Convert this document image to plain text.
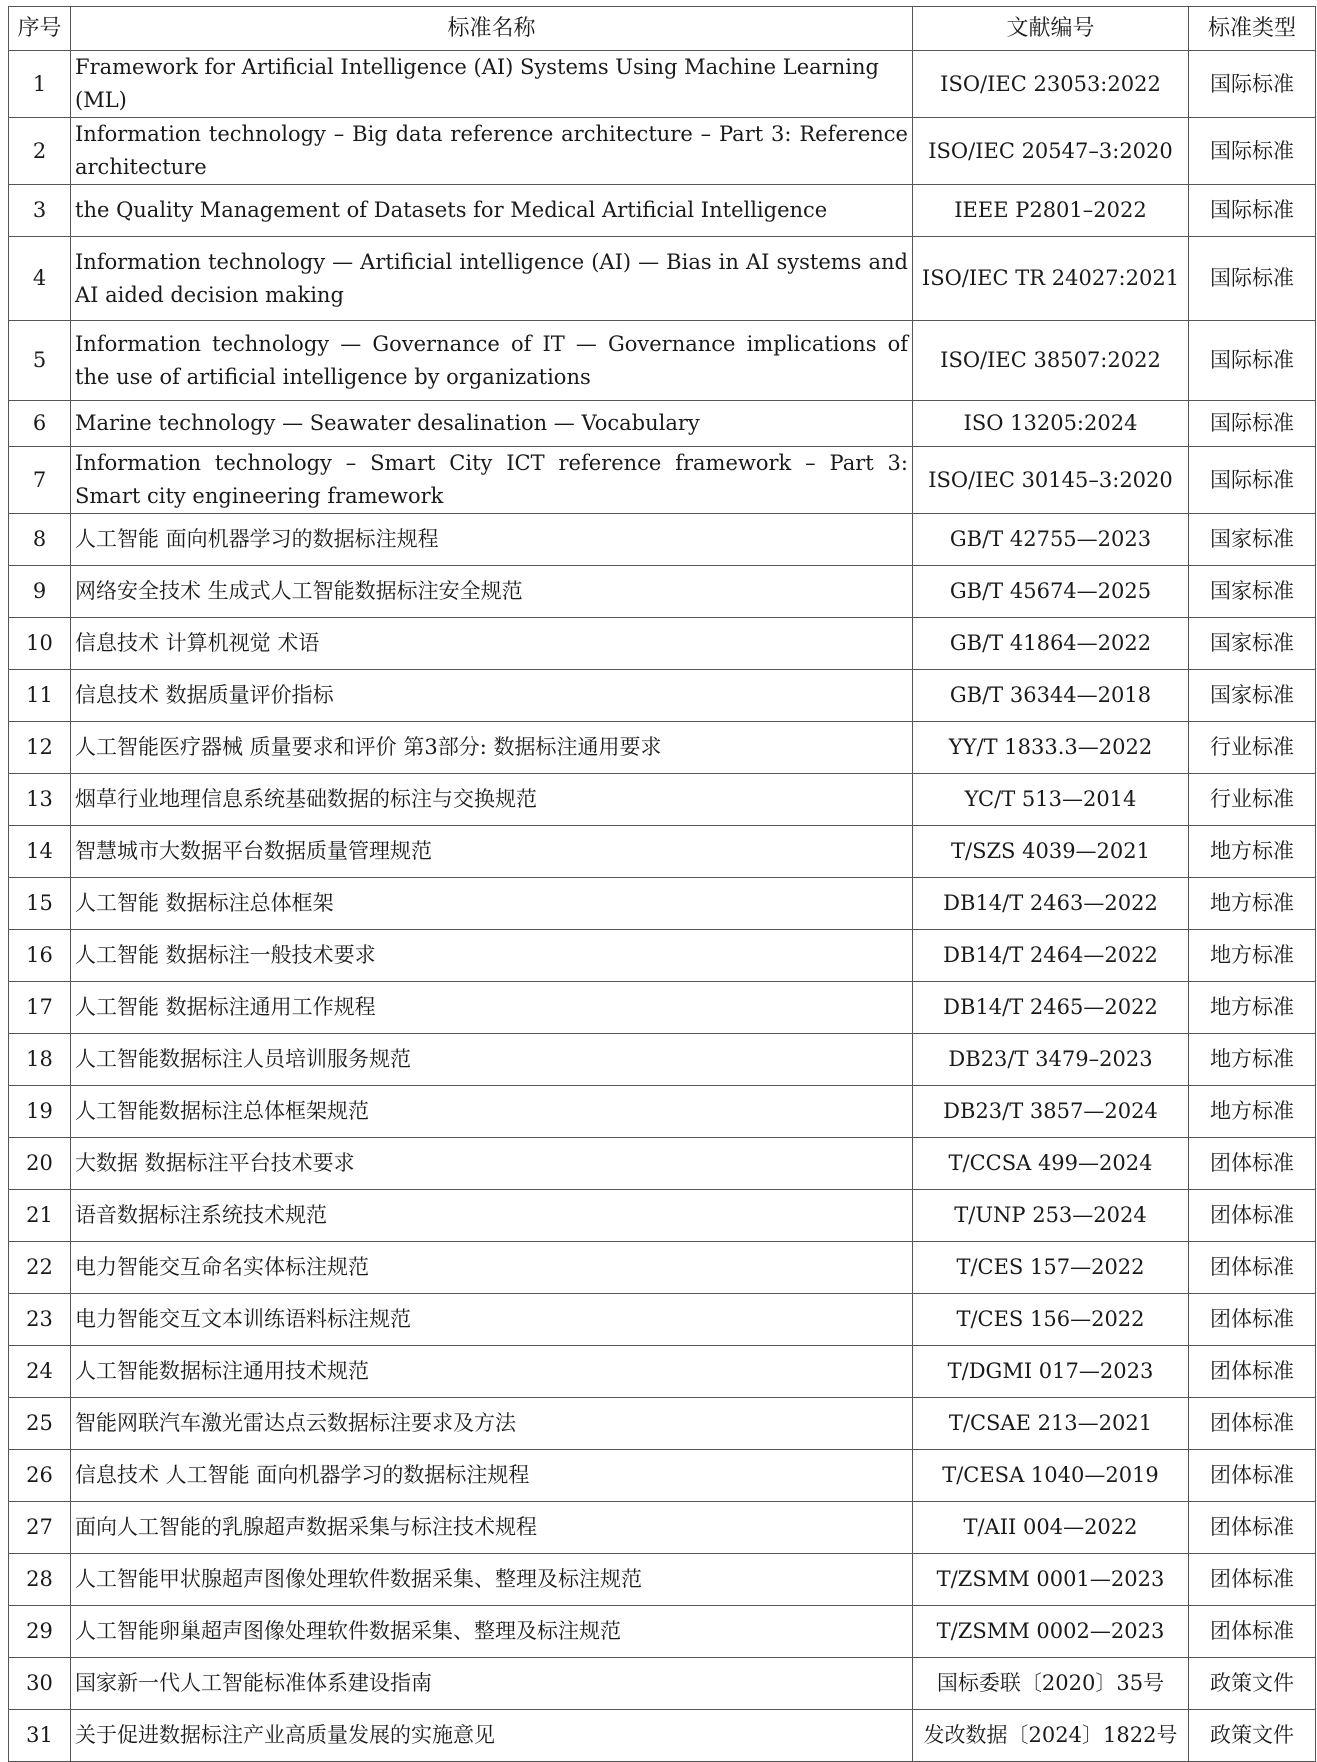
序号	标准名称	文献编号	标准类型
1	Framework for Artificial Intelligence (AI) Systems Using Machine Learning (ML)	ISO/IEC 23053:2022	国际标准
2	Information technology – Big data reference architecture – Part 3: Reference architecture	ISO/IEC 20547–3:2020	国际标准
3	the Quality Management of Datasets for Medical Artificial Intelligence	IEEE P2801–2022	国际标准
4	Information technology — Artificial intelligence (AI) — Bias in AI systems and AI aided decision making	ISO/IEC TR 24027:2021	国际标准
5	Information technology — Governance of IT — Governance implications of the use of artificial intelligence by organizations	ISO/IEC 38507:2022	国际标准
6	Marine technology — Seawater desalination — Vocabulary	ISO 13205:2024	国际标准
7	Information technology – Smart City ICT reference framework – Part 3: Smart city engineering framework	ISO/IEC 30145–3:2020	国际标准
8	人工智能 面向机器学习的数据标注规程	GB/T 42755—2023	国家标准
9	网络安全技术 生成式人工智能数据标注安全规范	GB/T 45674—2025	国家标准
10	信息技术 计算机视觉 术语	GB/T 41864—2022	国家标准
11	信息技术 数据质量评价指标	GB/T 36344—2018	国家标准
12	人工智能医疗器械 质量要求和评价 第3部分: 数据标注通用要求	YY/T 1833.3—2022	行业标准
13	烟草行业地理信息系统基础数据的标注与交换规范	YC/T 513—2014	行业标准
14	智慧城市大数据平台数据质量管理规范	T/SZS 4039—2021	地方标准
15	人工智能 数据标注总体框架	DB14/T 2463—2022	地方标准
16	人工智能 数据标注一般技术要求	DB14/T 2464—2022	地方标准
17	人工智能 数据标注通用工作规程	DB14/T 2465—2022	地方标准
18	人工智能数据标注人员培训服务规范	DB23/T 3479–2023	地方标准
19	人工智能数据标注总体框架规范	DB23/T 3857—2024	地方标准
20	大数据 数据标注平台技术要求	T/CCSA 499—2024	团体标准
21	语音数据标注系统技术规范	T/UNP 253—2024	团体标准
22	电力智能交互命名实体标注规范	T/CES 157—2022	团体标准
23	电力智能交互文本训练语料标注规范	T/CES 156—2022	团体标准
24	人工智能数据标注通用技术规范	T/DGMI 017—2023	团体标准
25	智能网联汽车激光雷达点云数据标注要求及方法	T/CSAE 213—2021	团体标准
26	信息技术 人工智能 面向机器学习的数据标注规程	T/CESA 1040—2019	团体标准
27	面向人工智能的乳腺超声数据采集与标注技术规程	T/AII 004—2022	团体标准
28	人工智能甲状腺超声图像处理软件数据采集、整理及标注规范	T/ZSMM 0001—2023	团体标准
29	人工智能卵巢超声图像处理软件数据采集、整理及标注规范	T/ZSMM 0002—2023	团体标准
30	国家新一代人工智能标准体系建设指南	国标委联〔2020〕35号	政策文件
31	关于促进数据标注产业高质量发展的实施意见	发改数据〔2024〕1822号	政策文件
